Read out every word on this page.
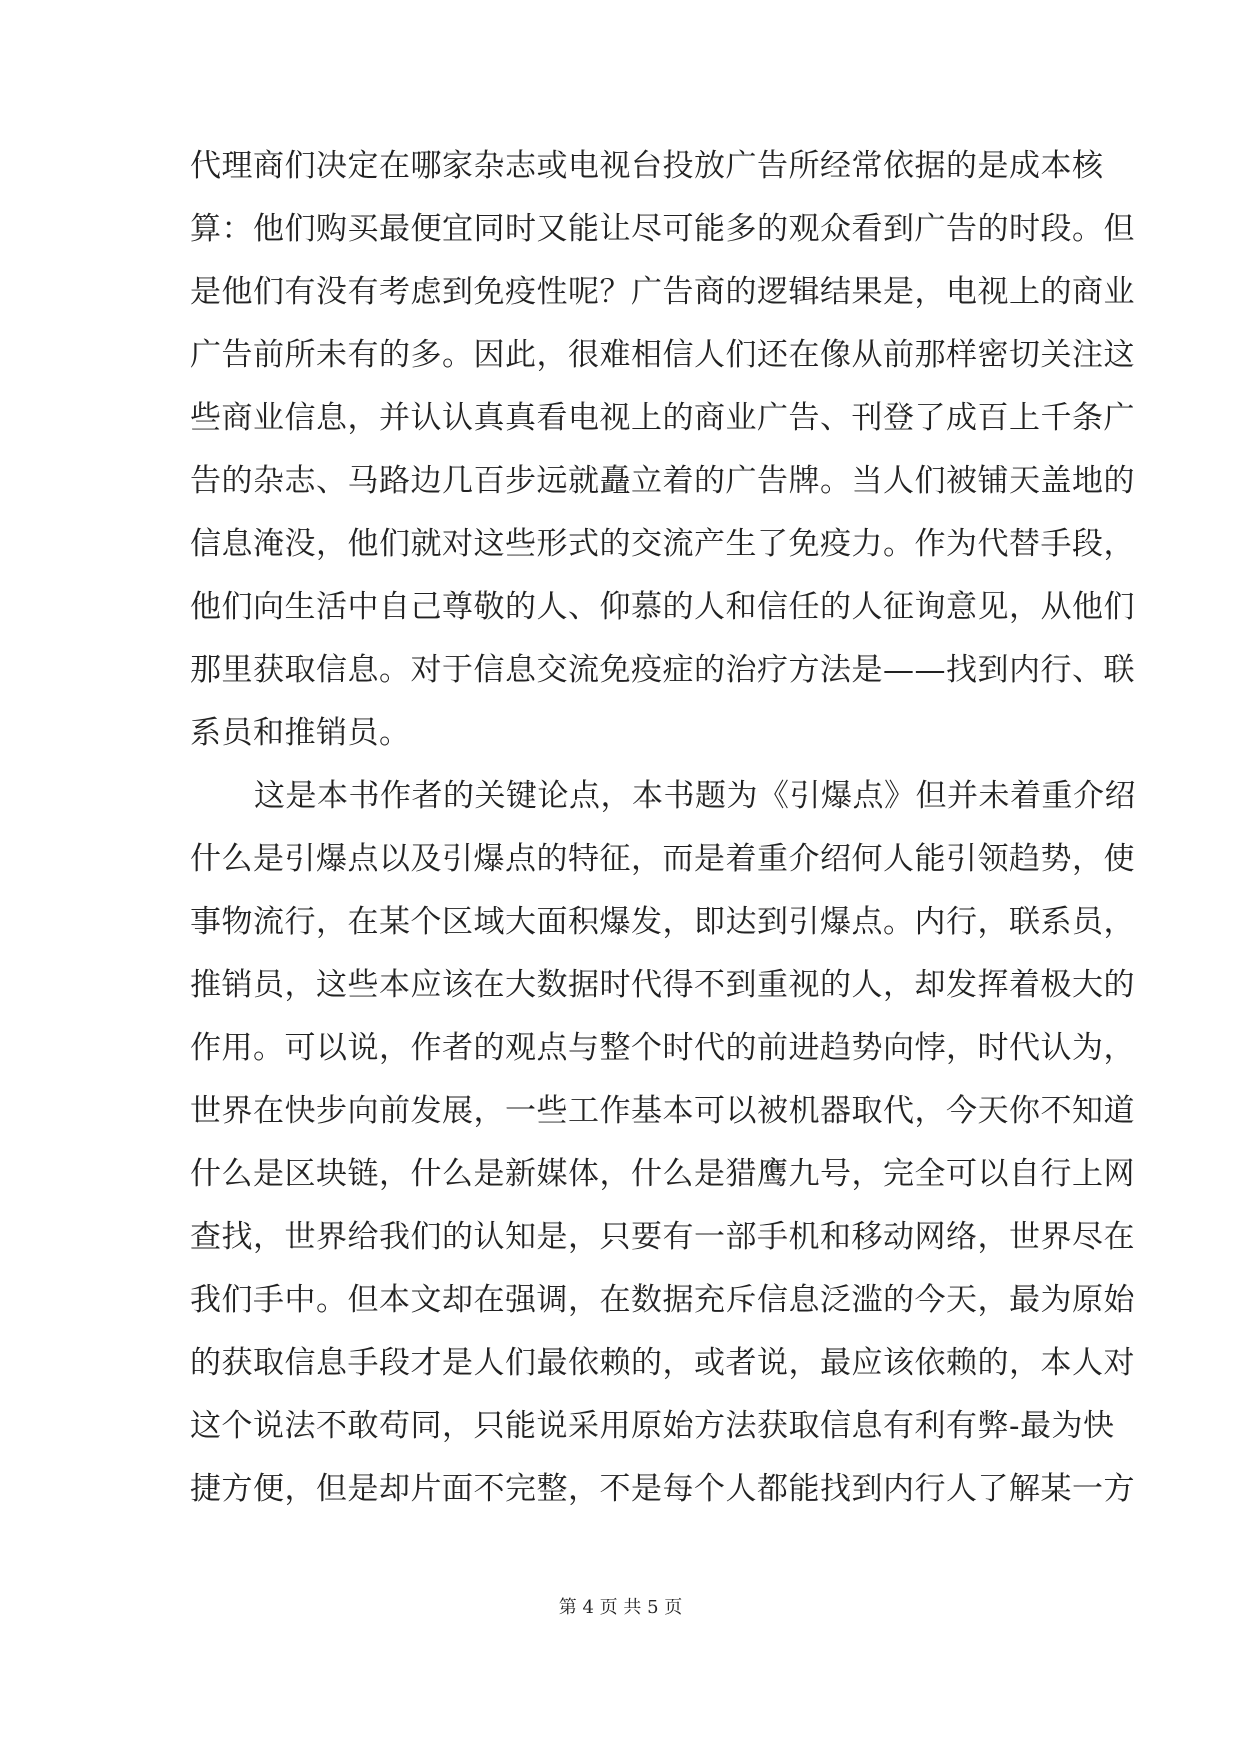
代理商们决定在哪家杂志或电视台投放广告所经常依据的是成本核
算：他们购买最便宜同时又能让尽可能多的观众看到广告的时段。但
是他们有没有考虑到免疫性呢？广告商的逻辑结果是，电视上的商业
广告前所未有的多。因此，很难相信人们还在像从前那样密切关注这
些商业信息，并认认真真看电视上的商业广告、刊登了成百上千条广
告的杂志、马路边几百步远就矗立着的广告牌。当人们被铺天盖地的
信息淹没，他们就对这些形式的交流产生了免疫力。作为代替手段，
他们向生活中自己尊敬的人、仰慕的人和信任的人征询意见，从他们
那里获取信息。对于信息交流免疫症的治疗方法是——找到内行、联
系员和推销员。
这是本书作者的关键论点，本书题为《引爆点》但并未着重介绍
什么是引爆点以及引爆点的特征，而是着重介绍何人能引领趋势，使
事物流行，在某个区域大面积爆发，即达到引爆点。内行，联系员，
推销员，这些本应该在大数据时代得不到重视的人，却发挥着极大的
作用。可以说，作者的观点与整个时代的前进趋势向悖，时代认为，
世界在快步向前发展，一些工作基本可以被机器取代，今天你不知道
什么是区块链，什么是新媒体，什么是猎鹰九号，完全可以自行上网
查找，世界给我们的认知是，只要有一部手机和移动网络，世界尽在
我们手中。但本文却在强调，在数据充斥信息泛滥的今天，最为原始
的获取信息手段才是人们最依赖的，或者说，最应该依赖的，本人对
这个说法不敢苟同，只能说采用原始方法获取信息有利有弊-最为快
捷方便，但是却片面不完整，不是每个人都能找到内行人了解某一方
第 4 页 共 5 页
